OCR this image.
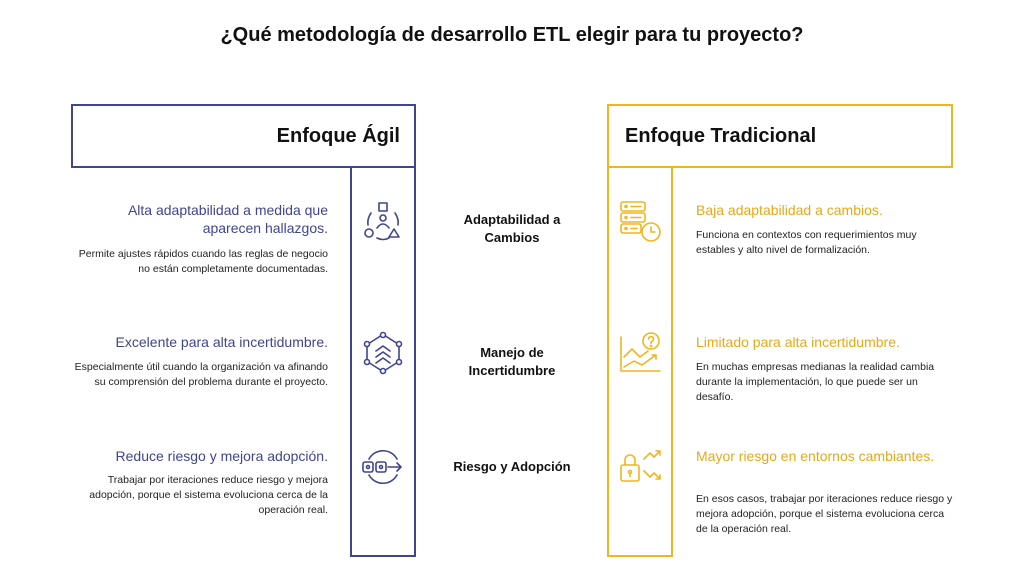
¿Qué metodología de desarrollo ETL elegir para tu proyecto?
Enfoque Ágil	Enfoque Tradicional
Alta adaptabilidad a medida que aparecen hallazgos.
Permite ajustes rápidos cuando las reglas de negocio no están completamente documentadas.
Excelente para alta incertidumbre.
Especialmente útil cuando la organización va afinando su comprensión del problema durante el proyecto.
Reduce riesgo y mejora adopción.
Trabajar por iteraciones reduce riesgo y mejora adopción, porque el sistema evoluciona cerca de la operación real.
Adaptabilidad a Cambios
Manejo de Incertidumbre
Riesgo y Adopción
Baja adaptabilidad a cambios.
Funciona en contextos con requerimientos muy estables y alto nivel de formalización.
Limitado para alta incertidumbre.
En muchas empresas medianas la realidad cambia durante la implementación, lo que puede ser un desafío.
Mayor riesgo en entornos cambiantes.
En esos casos, trabajar por iteraciones reduce riesgo y mejora adopción, porque el sistema evoluciona cerca de la operación real.
